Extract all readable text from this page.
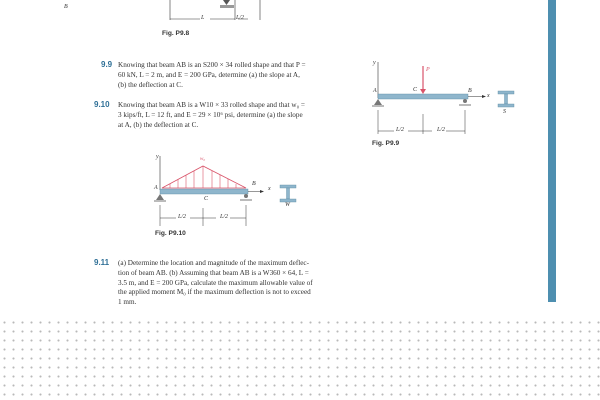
B
L	L/2
Fig. P9.8
9.9 Knowing that beam AB is an S200 × 34 rolled shape and that P =
60 kN, L = 2 m, and E = 200 GPa, determine (a) the slope at A,
(b) the deflection at C.
9.10 Knowing that beam AB is a W10 × 33 rolled shape and that w₀ =
3 kips/ft, L = 12 ft, and E = 29 × 10⁶ psi, determine (a) the slope
at A, (b) the deflection at C.
y
P
A	C	B
x
L/2	L/2
S
Fig. P9.9
y	w₀
A
B
C
x
L/2	L/2
W
Fig. P9.10
9.11 (a) Determine the location and magnitude of the maximum deflec-
tion of beam AB. (b) Assuming that beam AB is a W360 × 64, L =
3.5 m, and E = 200 GPa, calculate the maximum allowable value of
the applied moment M₀ if the maximum deflection is not to exceed
1 mm.
